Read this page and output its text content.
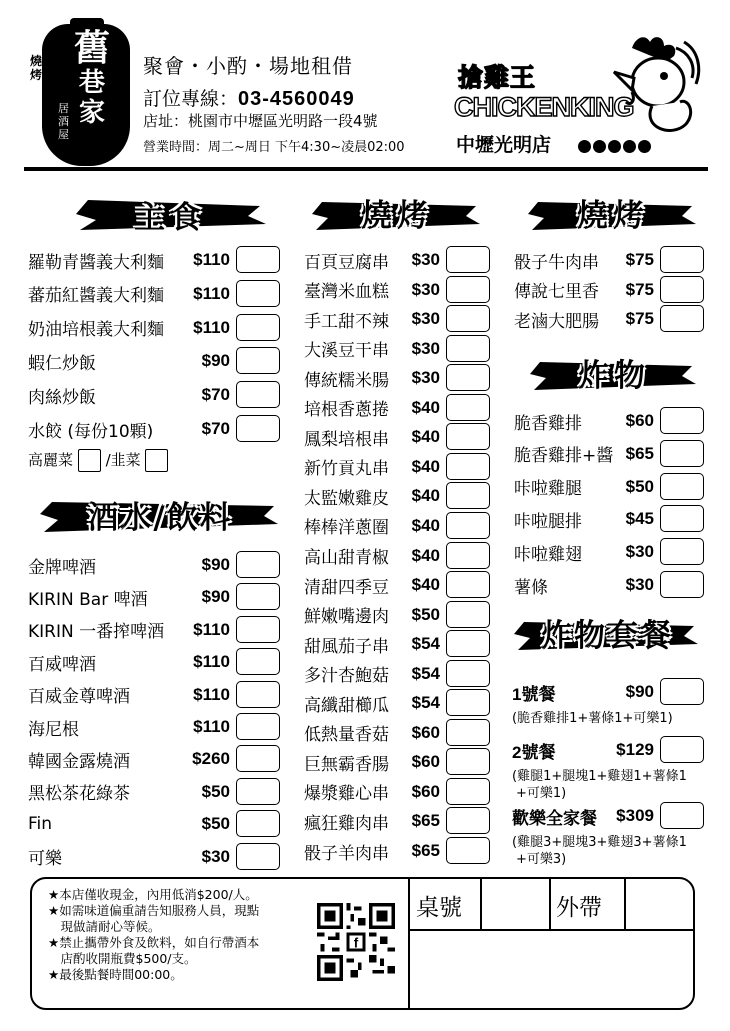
舊
巷家
居酒屋
燒烤	聚會・小酌・場地租借
訂位專線：03-4560049
店址：桃園市中壢區光明路一段4號
營業時間：周二~周日 下午4:30~凌晨02:00
搶雞王
CHICKENKING
中壢光明店
主食
酒水/飲料
燒烤	燒烤
炸物
炸物套餐
高麗菜 /韭菜
★本店僅收現金，內用低消$200/人。
★如需味道偏重請告知服務人員，現點
　現做請耐心等候。
★禁止攜帶外食及飲料，如自行帶酒本
　店酌收開瓶費$500/支。
★最後點餐時間00:00。
f
桌號	外帶
羅勒青醬義大利麵 $110
蕃茄紅醬義大利麵 $110
奶油培根義大利麵 $110
蝦仁炒飯	$90
肉絲炒飯	$70
水餃 (每份10顆)	$70
金牌啤酒	$90
KIRIN Bar 啤酒	$90
KIRIN 一番搾啤酒 $110
百威啤酒	$110
百威金尊啤酒	$110
海尼根	$110
韓國金露燒酒	$260
黑松茶花綠茶	$50
Fin	$50
可樂	$30
百頁豆腐串 $30
臺灣米血糕 $30
手工甜不辣 $30
大溪豆干串 $30
傳統糯米腸 $30
培根香蔥捲 $40
鳳梨培根串 $40
新竹貢丸串 $40
太監嫩雞皮 $40
棒棒洋蔥圈 $40
高山甜青椒 $40
清甜四季豆 $40
鮮嫩嘴邊肉 $50
甜風茄子串 $54
多汁杏鮑菇 $54
高纖甜櫛瓜 $54
低熱量香菇 $60
巨無霸香腸 $60
爆漿雞心串 $60
瘋狂雞肉串 $65
骰子羊肉串 $65
骰子牛肉串 $75
傳說七里香 $75
老滷大肥腸 $75
脆香雞排	$60
脆香雞排+醬 $65
咔啦雞腿	$50
咔啦腿排	$45
咔啦雞翅	$30
薯條	$30
1號餐	$90
(脆香雞排1+薯條1+可樂1)
2號餐	$129
(雞腿1+腿塊1+雞翅1+薯條1
+可樂1)
歡樂全家餐 $309
(雞腿3+腿塊3+雞翅3+薯條1
+可樂3)
